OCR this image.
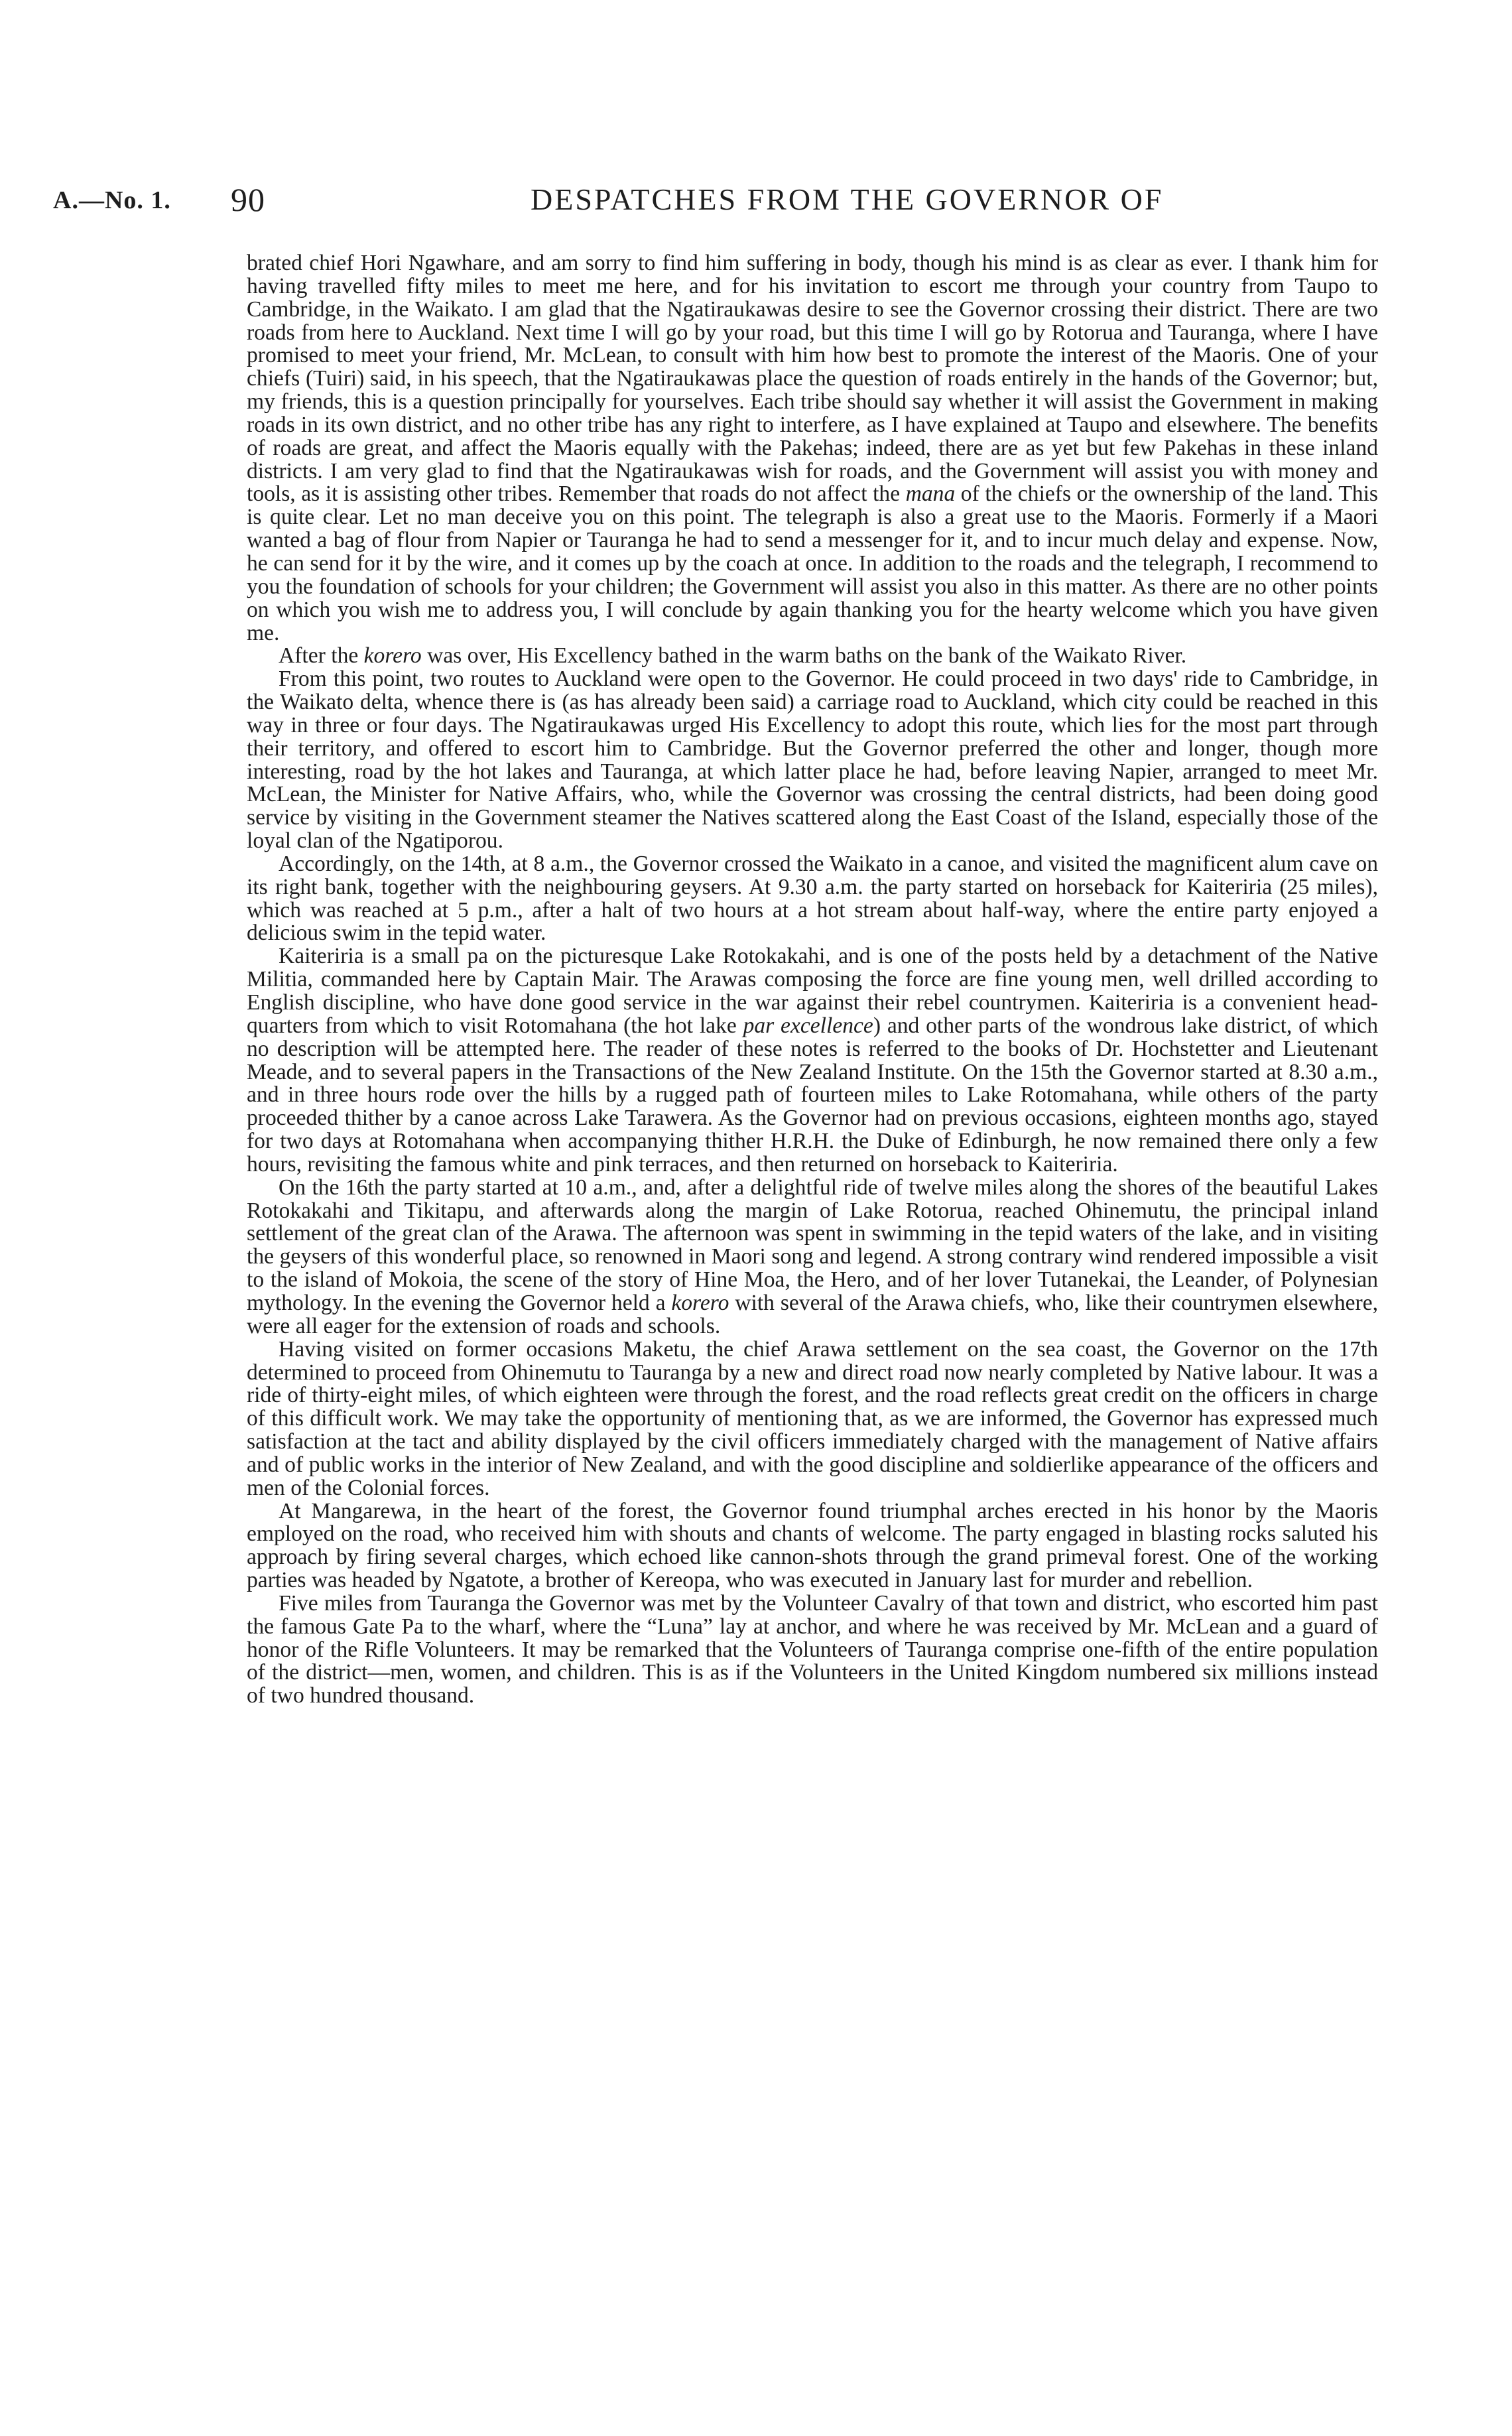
A.—No. 1. 90	DESPATCHES FROM THE GOVERNOR OF

brated chief Hori Ngawhare, and am sorry to find him suffering in body, though his mind is as clear as ever. I thank him for having travelled fifty miles to meet me here, and for his invitation to escort me through your country from Taupo to Cambridge, in the Waikato. I am glad that the Ngatiraukawas desire to see the Governor crossing their district. There are two roads from here to Auckland. Next time I will go by your road, but this time I will go by Rotorua and Tauranga, where I have promised to meet your friend, Mr. McLean, to consult with him how best to promote the interest of the Maoris. One of your chiefs (Tuiri) said, in his speech, that the Ngatiraukawas place the question of roads entirely in the hands of the Governor; but, my friends, this is a question principally for yourselves. Each tribe should say whether it will assist the Government in making roads in its own district, and no other tribe has any right to interfere, as I have explained at Taupo and elsewhere. The benefits of roads are great, and affect the Maoris equally with the Pakehas; indeed, there are as yet but few Pakehas in these inland districts. I am very glad to find that the Ngatiraukawas wish for roads, and the Government will assist you with money and tools, as it is assisting other tribes. Remember that roads do not affect the mana of the chiefs or the ownership of the land. This is quite clear. Let no man deceive you on this point. The telegraph is also a great use to the Maoris. Formerly if a Maori wanted a bag of flour from Napier or Tauranga he had to send a messenger for it, and to incur much delay and expense. Now, he can send for it by the wire, and it comes up by the coach at once. In addition to the roads and the telegraph, I recommend to you the foundation of schools for your children; the Government will assist you also in this matter. As there are no other points on which you wish me to address you, I will conclude by again thanking you for the hearty welcome which you have given me.

After the korero was over, His Excellency bathed in the warm baths on the bank of the Waikato River.

From this point, two routes to Auckland were open to the Governor. He could proceed in two days' ride to Cambridge, in the Waikato delta, whence there is (as has already been said) a carriage road to Auckland, which city could be reached in this way in three or four days. The Ngatiraukawas urged His Excellency to adopt this route, which lies for the most part through their territory, and offered to escort him to Cambridge. But the Governor preferred the other and longer, though more interesting, road by the hot lakes and Tauranga, at which latter place he had, before leaving Napier, arranged to meet Mr. McLean, the Minister for Native Affairs, who, while the Governor was crossing the central districts, had been doing good service by visiting in the Government steamer the Natives scattered along the East Coast of the Island, especially those of the loyal clan of the Ngatiporou.

Accordingly, on the 14th, at 8 a.m., the Governor crossed the Waikato in a canoe, and visited the magnificent alum cave on its right bank, together with the neighbouring geysers. At 9.30 a.m. the party started on horseback for Kaiteriria (25 miles), which was reached at 5 p.m., after a halt of two hours at a hot stream about half-way, where the entire party enjoyed a delicious swim in the tepid water.

Kaiteriria is a small pa on the picturesque Lake Rotokakahi, and is one of the posts held by a detachment of the Native Militia, commanded here by Captain Mair. The Arawas composing the force are fine young men, well drilled according to English discipline, who have done good service in the war against their rebel countrymen. Kaiteriria is a convenient head-quarters from which to visit Rotomahana (the hot lake par excellence) and other parts of the wondrous lake district, of which no description will be attempted here. The reader of these notes is referred to the books of Dr. Hochstetter and Lieutenant Meade, and to several papers in the Transactions of the New Zealand Institute. On the 15th the Governor started at 8.30 a.m., and in three hours rode over the hills by a rugged path of fourteen miles to Lake Rotomahana, while others of the party proceeded thither by a canoe across Lake Tarawera. As the Governor had on previous occasions, eighteen months ago, stayed for two days at Rotomahana when accompanying thither H.R.H. the Duke of Edinburgh, he now remained there only a few hours, revisiting the famous white and pink terraces, and then returned on horseback to Kaiteriria.

On the 16th the party started at 10 a.m., and, after a delightful ride of twelve miles along the shores of the beautiful Lakes Rotokakahi and Tikitapu, and afterwards along the margin of Lake Rotorua, reached Ohinemutu, the principal inland settlement of the great clan of the Arawa. The afternoon was spent in swimming in the tepid waters of the lake, and in visiting the geysers of this wonderful place, so renowned in Maori song and legend. A strong contrary wind rendered impossible a visit to the island of Mokoia, the scene of the story of Hine Moa, the Hero, and of her lover Tutanekai, the Leander, of Polynesian mythology. In the evening the Governor held a korero with several of the Arawa chiefs, who, like their countrymen elsewhere, were all eager for the extension of roads and schools.

Having visited on former occasions Maketu, the chief Arawa settlement on the sea coast, the Governor on the 17th determined to proceed from Ohinemutu to Tauranga by a new and direct road now nearly completed by Native labour. It was a ride of thirty-eight miles, of which eighteen were through the forest, and the road reflects great credit on the officers in charge of this difficult work. We may take the opportunity of mentioning that, as we are informed, the Governor has expressed much satisfaction at the tact and ability displayed by the civil officers immediately charged with the management of Native affairs and of public works in the interior of New Zealand, and with the good discipline and soldierlike appearance of the officers and men of the Colonial forces.

At Mangarewa, in the heart of the forest, the Governor found triumphal arches erected in his honor by the Maoris employed on the road, who received him with shouts and chants of welcome. The party engaged in blasting rocks saluted his approach by firing several charges, which echoed like cannon-shots through the grand primeval forest. One of the working parties was headed by Ngatote, a brother of Kereopa, who was executed in January last for murder and rebellion.

Five miles from Tauranga the Governor was met by the Volunteer Cavalry of that town and district, who escorted him past the famous Gate Pa to the wharf, where the “Luna” lay at anchor, and where he was received by Mr. McLean and a guard of honor of the Rifle Volunteers. It may be remarked that the Volunteers of Tauranga comprise one-fifth of the entire population of the district—men, women, and children. This is as if the Volunteers in the United Kingdom numbered six millions instead of two hundred thousand.
